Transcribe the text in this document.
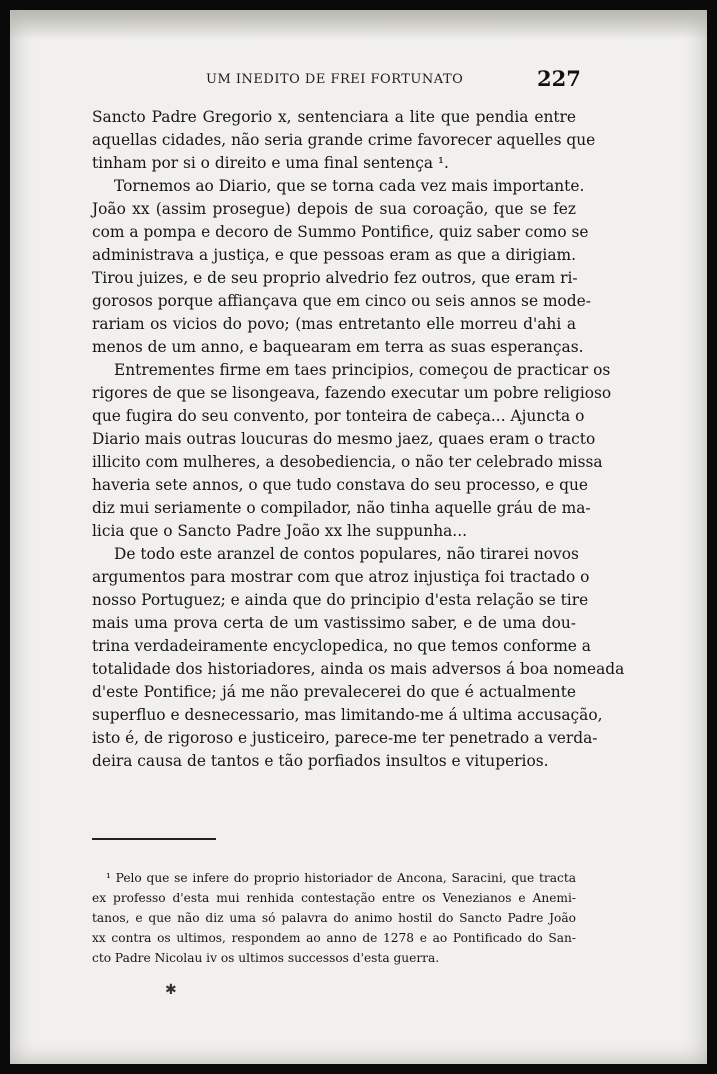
UM INEDITO DE FREI FORTUNATO	227

Sancto Padre Gregorio x, sentenciara a lite que pendia entre
aquellas cidades, não seria grande crime favorecer aquelles que
tinham por si o direito e uma final sentença ¹.

Tornemos ao Diario, que se torna cada vez mais importante.
João xx (assim prosegue) depois de sua coroação, que se fez
com a pompa e decoro de Summo Pontifice, quiz saber como se
administrava a justiça, e que pessoas eram as que a dirigiam.
Tirou juizes, e de seu proprio alvedrio fez outros, que eram ri-
gorosos porque affiançava que em cinco ou seis annos se mode-
rariam os vicios do povo; (mas entretanto elle morreu d'ahi a
menos de um anno, e baquearam em terra as suas esperanças.

Entrementes firme em taes principios, começou de practicar os
rigores de que se lisongeava, fazendo executar um pobre religioso
que fugira do seu convento, por tonteira de cabeça... Ajuncta o
Diario mais outras loucuras do mesmo jaez, quaes eram o tracto
illicito com mulheres, a desobediencia, o não ter celebrado missa
haveria sete annos, o que tudo constava do seu processo, e que
diz mui seriamente o compilador, não tinha aquelle gráu de ma-
licia que o Sancto Padre João xx lhe suppunha...

De todo este aranzel de contos populares, não tirarei novos
argumentos para mostrar com que atroz injustiça foi tractado o
nosso Portuguez; e ainda que do principio d'esta relação se tire
mais uma prova certa de um vastissimo saber, e de uma dou-
trina verdadeiramente encyclopedica, no que temos conforme a
totalidade dos historiadores, ainda os mais adversos á boa nomeada
d'este Pontifice; já me não prevalecerei do que é actualmente
superfluo e desnecessario, mas limitando-me á ultima accusação,
isto é, de rigoroso e justiceiro, parece-me ter penetrado a verda-
deira causa de tantos e tão porfiados insultos e vituperios.

¹ Pelo que se infere do proprio historiador de Ancona, Saracini, que tracta
ex professo d'esta mui renhida contestação entre os Venezianos e Anemi-
tanos, e que não diz uma só palavra do animo hostil do Sancto Padre João
xx contra os ultimos, respondem ao anno de 1278 e ao Pontificado do San-
cto Padre Nicolau iv os ultimos successos d'esta guerra.
✱
